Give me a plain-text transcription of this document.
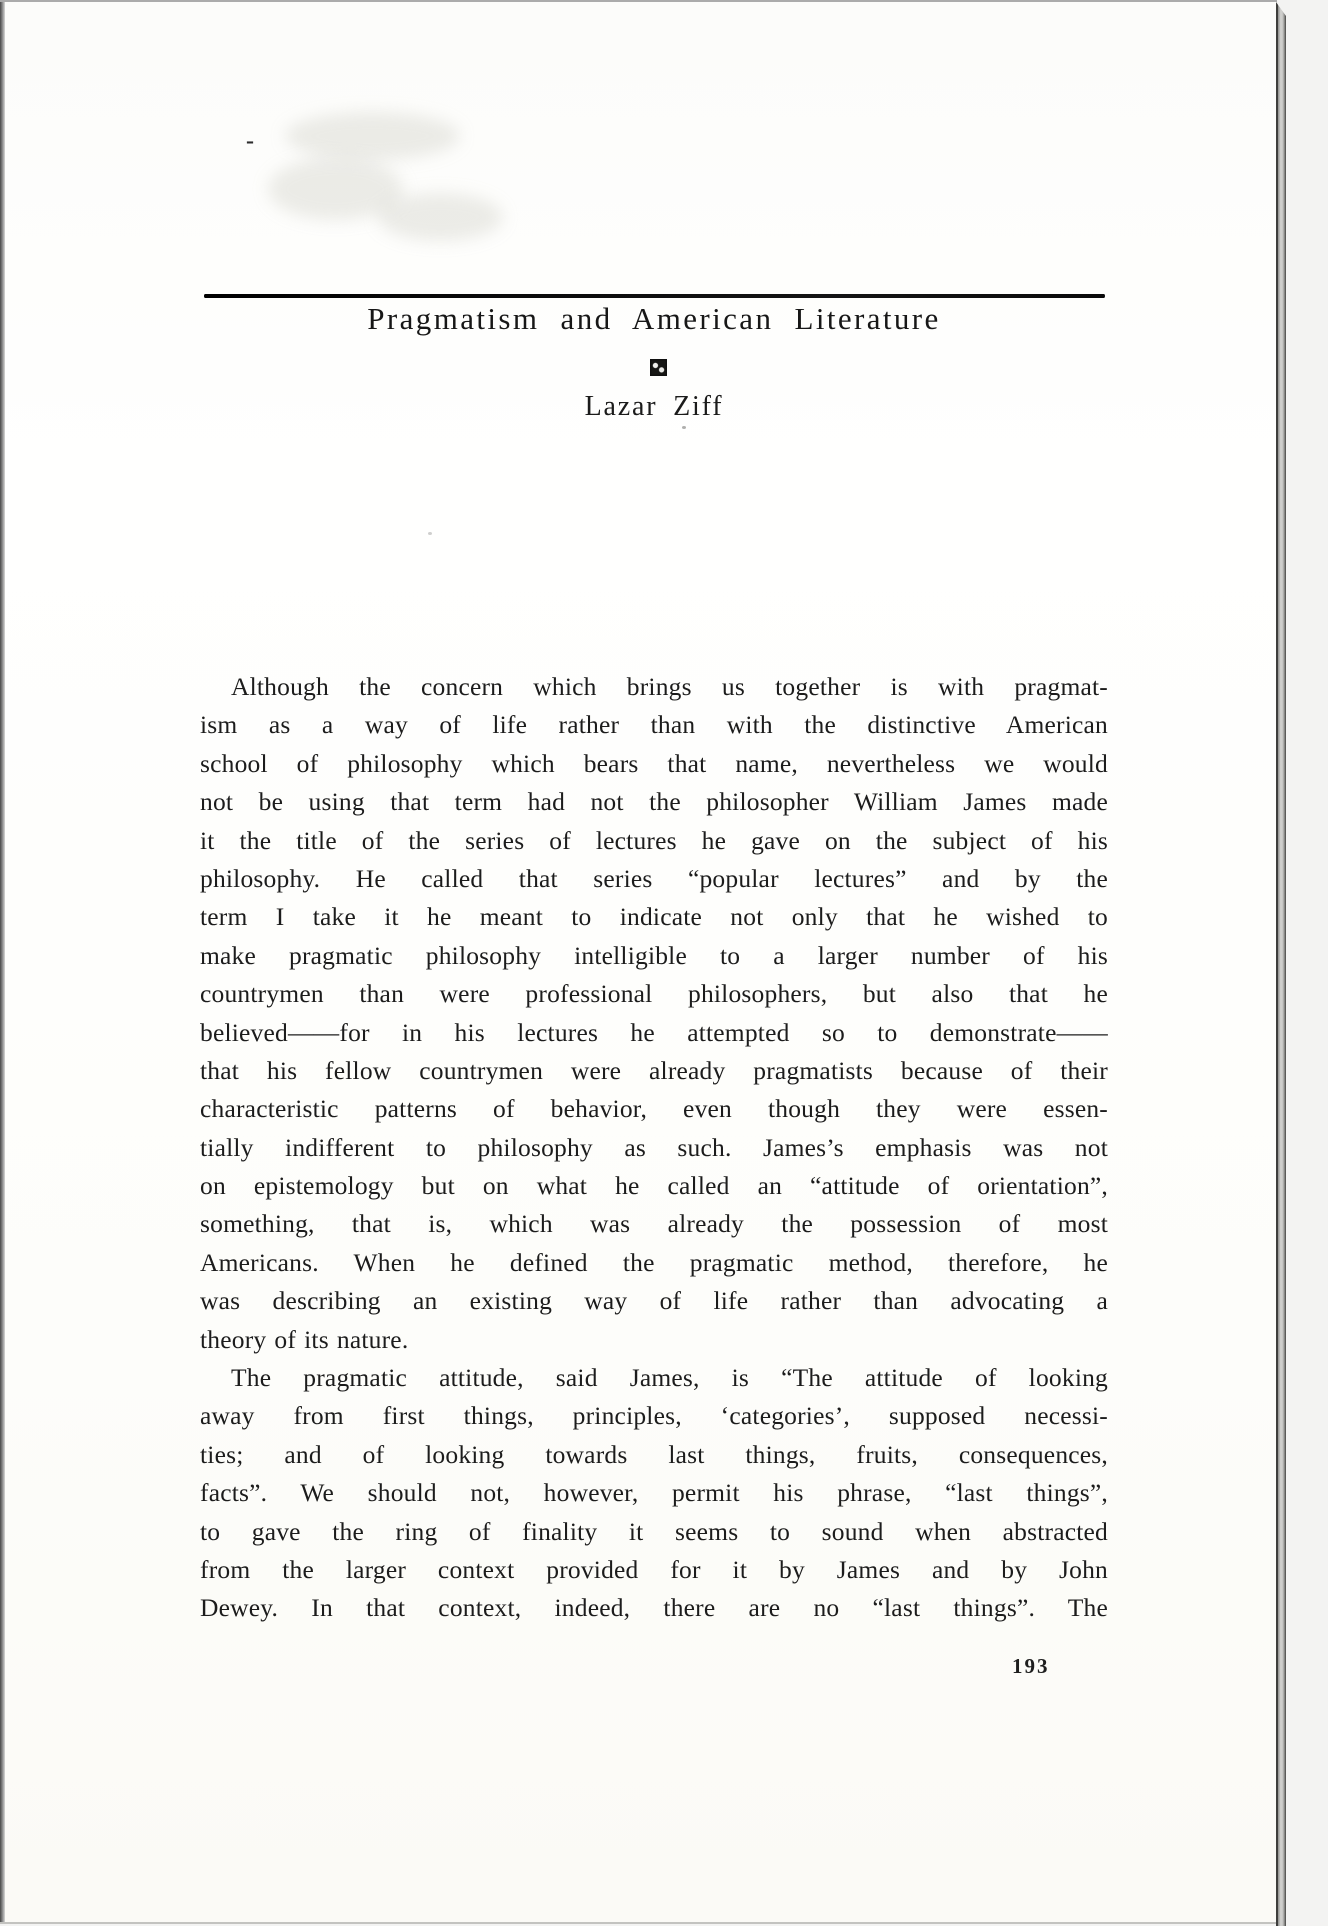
-
Pragmatism and American Literature
Lazar Ziff
Although the concern which brings us together is with pragmat-
ism as a way of life rather than with the distinctive American
school of philosophy which bears that name, nevertheless we would
not be using that term had not the philosopher William James made
it the title of the series of lectures he gave on the subject of his
philosophy. He called that series “popular lectures” and by the
term I take it he meant to indicate not only that he wished to
make pragmatic philosophy intelligible to a larger number of his
countrymen than were professional philosophers, but also that he
believed——for in his lectures he attempted so to demonstrate——
that his fellow countrymen were already pragmatists because of their
characteristic patterns of behavior, even though they were essen-
tially indifferent to philosophy as such. James’s emphasis was not
on epistemology but on what he called an “attitude of orientation”,
something, that is, which was already the possession of most
Americans. When he defined the pragmatic method, therefore, he
was describing an existing way of life rather than advocating a
theory of its nature.
The pragmatic attitude, said James, is “The attitude of looking
away from first things, principles, ‘categories’, supposed necessi-
ties; and of looking towards last things, fruits, consequences,
facts”. We should not, however, permit his phrase, “last things”,
to gave the ring of finality it seems to sound when abstracted
from the larger context provided for it by James and by John
Dewey. In that context, indeed, there are no “last things”. The
193
